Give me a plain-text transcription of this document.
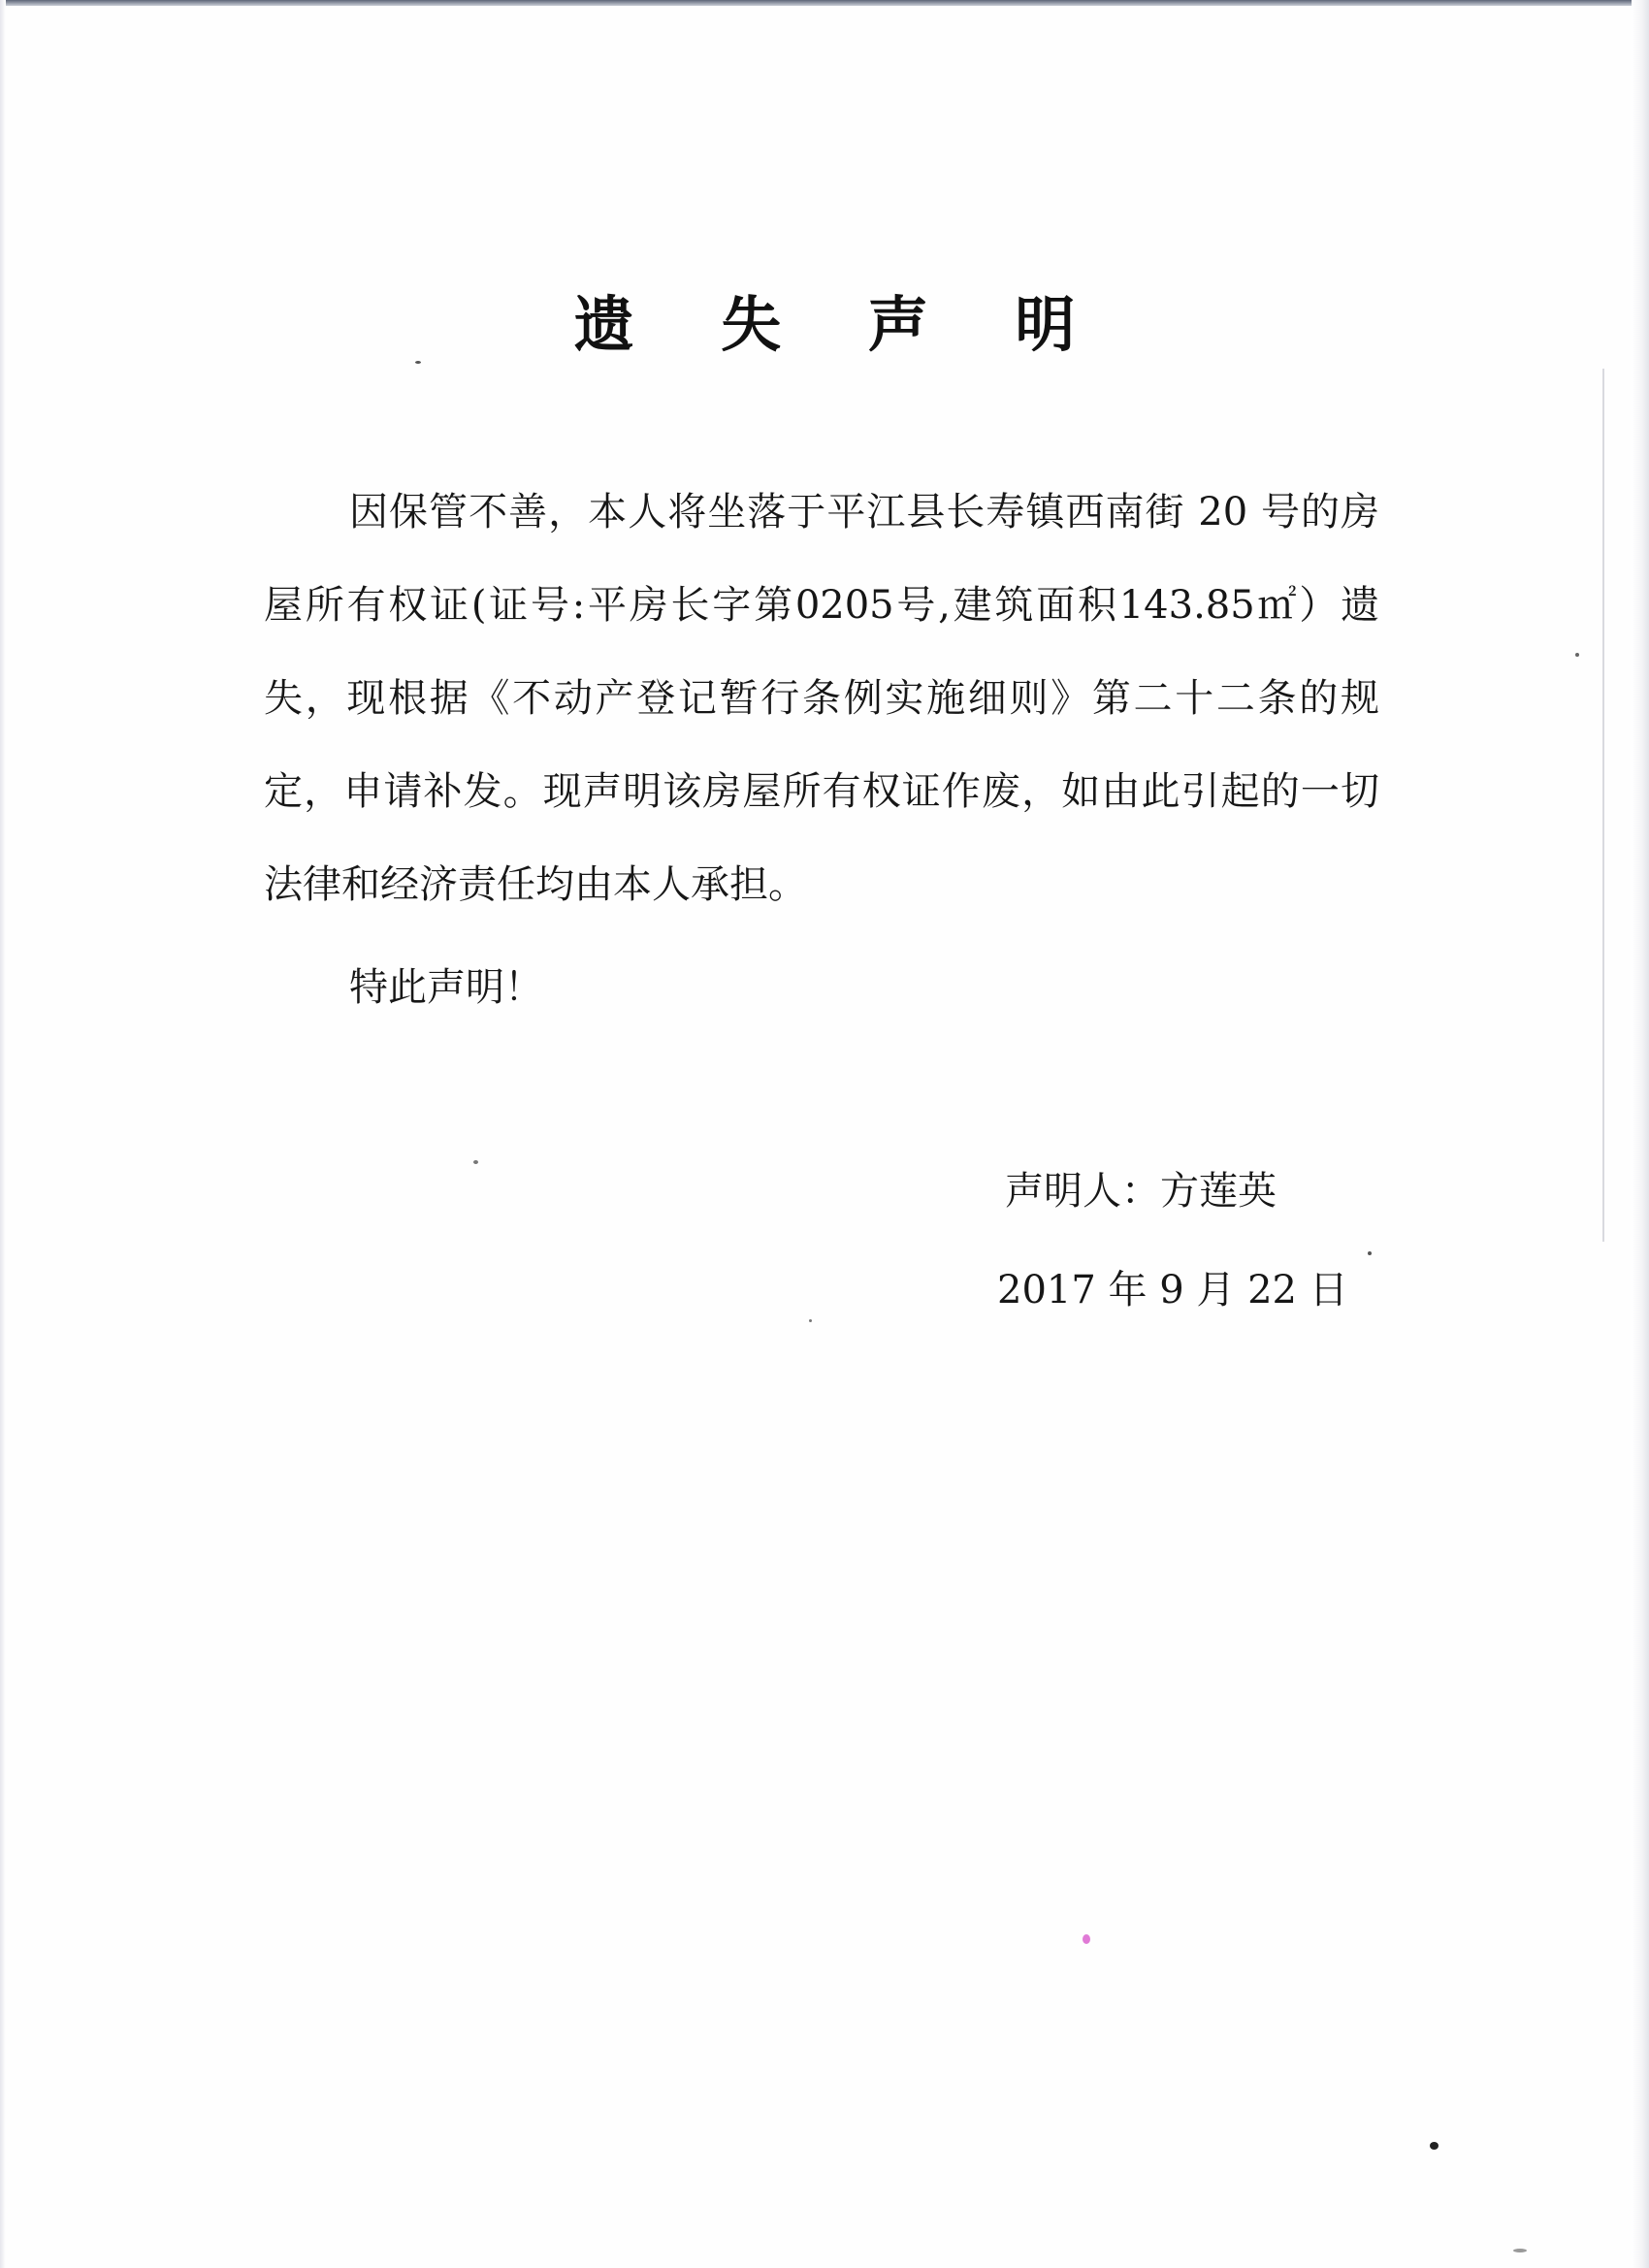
遗 失 声 明

因保管不善，本人将坐落于平江县长寿镇西南街 20 号的房屋所有权证(证号:平房长字第0205号,建筑面积143.85㎡）遗失，现根据《不动产登记暂行条例实施细则》第二十二条的规定，申请补发。现声明该房屋所有权证作废，如由此引起的一切法律和经济责任均由本人承担。

特此声明！

声明人：方莲英

2017 年 9 月 22 日
